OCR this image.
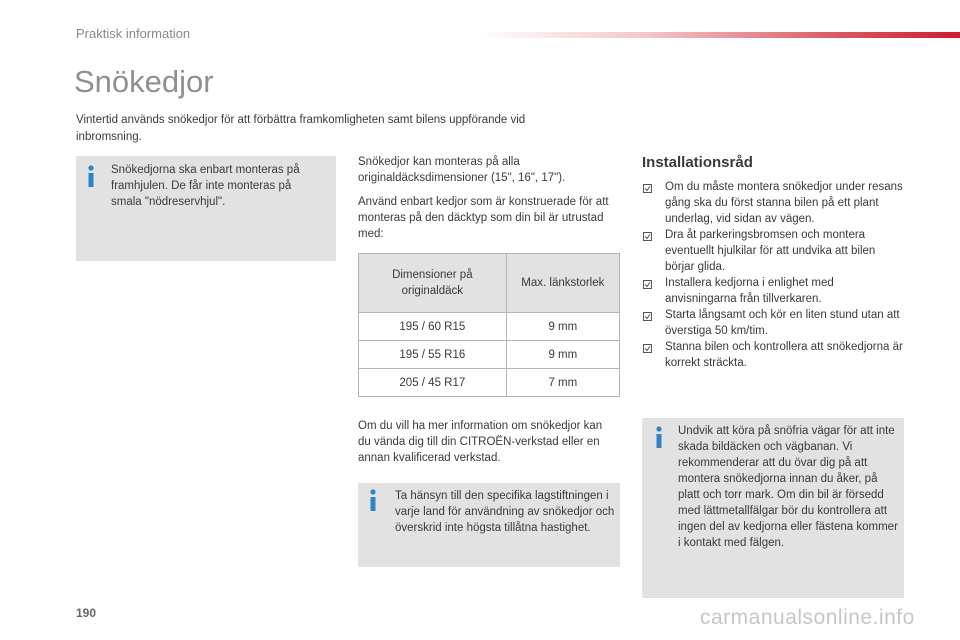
Praktisk information
Snökedjor

Vintertid används snökedjor för att förbättra framkomligheten samt bilens uppförande vid inbromsning.

Snökedjorna ska enbart monteras på framhjulen. De får inte monteras på smala "nödreservhjul".

Snökedjor kan monteras på alla originaldäcksdimensioner (15", 16", 17").

Använd enbart kedjor som är konstruerade för att monteras på den däcktyp som din bil är utrustad med:

Dimensioner på originaldäck	Max. länkstorlek
195 / 60 R15	9 mm
195 / 55 R16	9 mm
205 / 45 R17	7 mm

Om du vill ha mer information om snökedjor kan du vända dig till din CITROËN-verkstad eller en annan kvalificerad verkstad.

Ta hänsyn till den specifika lagstiftningen i varje land för användning av snökedjor och överskrid inte högsta tillåtna hastighet.

Installationsråd
Om du måste montera snökedjor under resans gång ska du först stanna bilen på ett plant underlag, vid sidan av vägen.
Dra åt parkeringsbromsen och montera eventuellt hjulkilar för att undvika att bilen börjar glida.
Installera kedjorna i enlighet med anvisningarna från tillverkaren.
Starta långsamt och kör en liten stund utan att överstiga 50 km/tim.
Stanna bilen och kontrollera att snökedjorna är korrekt sträckta.

Undvik att köra på snöfria vägar för att inte skada bildäcken och vägbanan. Vi rekommenderar att du övar dig på att montera snökedjorna innan du åker, på platt och torr mark. Om din bil är försedd med lättmetallfälgar bör du kontrollera att ingen del av kedjorna eller fästena kommer i kontakt med fälgen.

190	carmanualsonline.info
